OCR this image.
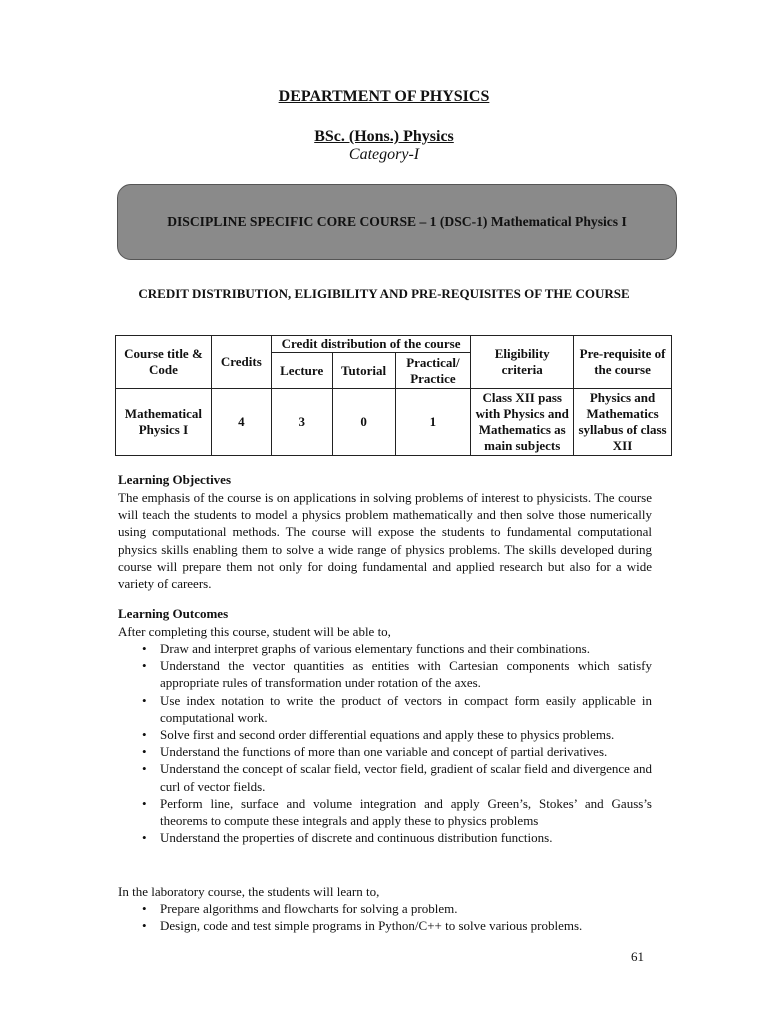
DEPARTMENT OF PHYSICS
BSc. (Hons.) Physics
Category-I
DISCIPLINE SPECIFIC CORE COURSE – 1 (DSC-1) Mathematical Physics I
CREDIT DISTRIBUTION, ELIGIBILITY AND PRE-REQUISITES OF THE COURSE
Course title & Code	Credits	Credit distribution of the course			Eligibility criteria	Pre-requisite of the course
		Lecture	Tutorial	Practical/ Practice		
Mathematical Physics I	4	3	0	1	Class XII pass with Physics and Mathematics as main subjects	Physics and Mathematics syllabus of class XII
Learning Objectives
The emphasis of the course is on applications in solving problems of interest to physicists. The course will teach the students to model a physics problem mathematically and then solve those numerically using computational methods. The course will expose the students to fundamental computational physics skills enabling them to solve a wide range of physics problems. The skills developed during course will prepare them not only for doing fundamental and applied research but also for a wide variety of careers.
Learning Outcomes
After completing this course, student will be able to,
• Draw and interpret graphs of various elementary functions and their combinations.
• Understand the vector quantities as entities with Cartesian components which satisfy appropriate rules of transformation under rotation of the axes.
• Use index notation to write the product of vectors in compact form easily applicable in computational work.
• Solve first and second order differential equations and apply these to physics problems.
• Understand the functions of more than one variable and concept of partial derivatives.
• Understand the concept of scalar field, vector field, gradient of scalar field and divergence and curl of vector fields.
• Perform line, surface and volume integration and apply Green’s, Stokes’ and Gauss’s theorems to compute these integrals and apply these to physics problems
• Understand the properties of discrete and continuous distribution functions.
In the laboratory course, the students will learn to,
• Prepare algorithms and flowcharts for solving a problem.
• Design, code and test simple programs in Python/C++ to solve various problems.
61
